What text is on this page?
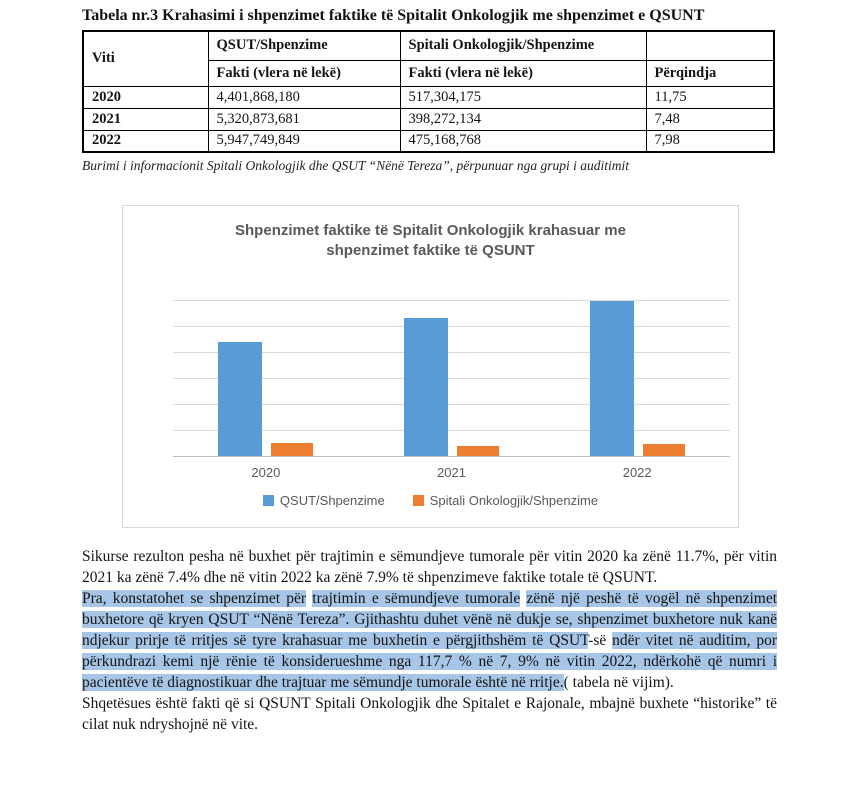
Tabela nr.3 Krahasimi i shpenzimet faktike të Spitalit Onkologjik me shpenzimet e QSUNT
Viti	QSUT/Shpenzime	Spitali Onkologjik/Shpenzime	
	Fakti (vlera në lekë)	Fakti (vlera në lekë)	Përqindja
2020	4,401,868,180	517,304,175	11,75
2021	5,320,873,681	398,272,134	7,48
2022	5,947,749,849	475,168,768	7,98
Burimi i informacionit Spitali Onkologjik dhe QSUT “Nënë Tereza”, përpunuar nga grupi i auditimit
Shpenzimet faktike të Spitalit Onkologjik krahasuar me shpenzimet faktike të QSUNT
2020	2021	2022
QSUT/Shpenzime	Spitali Onkologjik/Shpenzime

Sikurse rezulton pesha në buxhet për trajtimin e sëmundjeve tumorale për vitin 2020 ka zënë 11.7%, për vitin 2021 ka zënë 7.4% dhe në vitin 2022 ka zënë 7.9% të shpenzimeve faktike totale të QSUNT.

Pra, konstatohet se shpenzimet për trajtimin e sëmundjeve tumorale zënë një peshë të vogël në shpenzimet buxhetore që kryen QSUT “Nënë Tereza”. Gjithashtu duhet vënë në dukje se, shpenzimet buxhetore nuk kanë ndjekur prirje të rritjes së tyre krahasuar me buxhetin e përgjithshëm të QSUT-së ndër vitet në auditim, por përkundrazi kemi një rënie të konsiderueshme nga 117,7 % në 7, 9% në vitin 2022, ndërkohë që numri i pacientëve të diagnostikuar dhe trajtuar me sëmundje tumorale është në rritje.( tabela në vijim).

Shqetësues është fakti që si QSUNT Spitali Onkologjik dhe Spitalet e Rajonale, mbajnë buxhete “historike” të cilat nuk ndryshojnë në vite.
